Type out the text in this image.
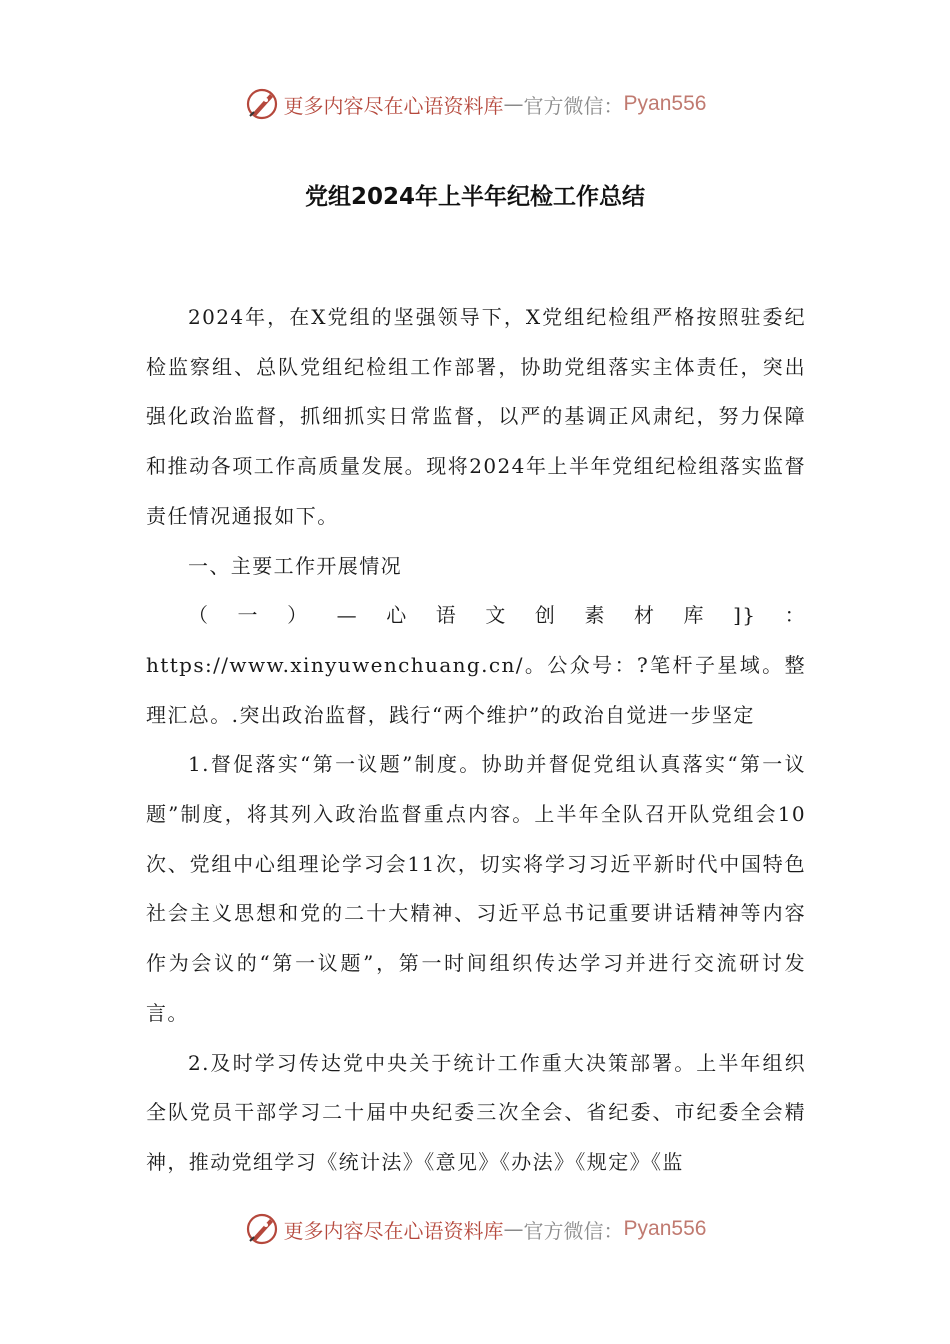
更多内容尽在心语资料库 — 官方微信： Pyan556
党组2024年上半年纪检工作总结

2024年，在X党组的坚强领导下，X党组纪检组严格按照驻委纪检监察组、总队党组纪检组工作部署，协助党组落实主体责任，突出强化政治监督，抓细抓实日常监督，以严的基调正风肃纪，努力保障和推动各项工作高质量发展。现将2024年上半年党组纪检组落实监督责任情况通报如下。

一、主要工作开展情况

（一）—心语文创素材库]}：https://www.xinyuwenchuang.cn/。公众号：?笔杆子星域。整理汇总。.突出政治监督，践行“两个维护”的政治自觉进一步坚定

1.督促落实“第一议题”制度。协助并督促党组认真落实“第一议题”制度，将其列入政治监督重点内容。上半年全队召开队党组会10次、党组中心组理论学习会11次，切实将学习习近平新时代中国特色社会主义思想和党的二十大精神、习近平总书记重要讲话精神等内容作为会议的“第一议题”，第一时间组织传达学习并进行交流研讨发言。

2.及时学习传达党中央关于统计工作重大决策部署。上半年组织全队党员干部学习二十届中央纪委三次全会、省纪委、市纪委全会精神，推动党组学习《统计法》《意见》《办法》《规定》《监

更多内容尽在心语资料库 — 官方微信： Pyan556
